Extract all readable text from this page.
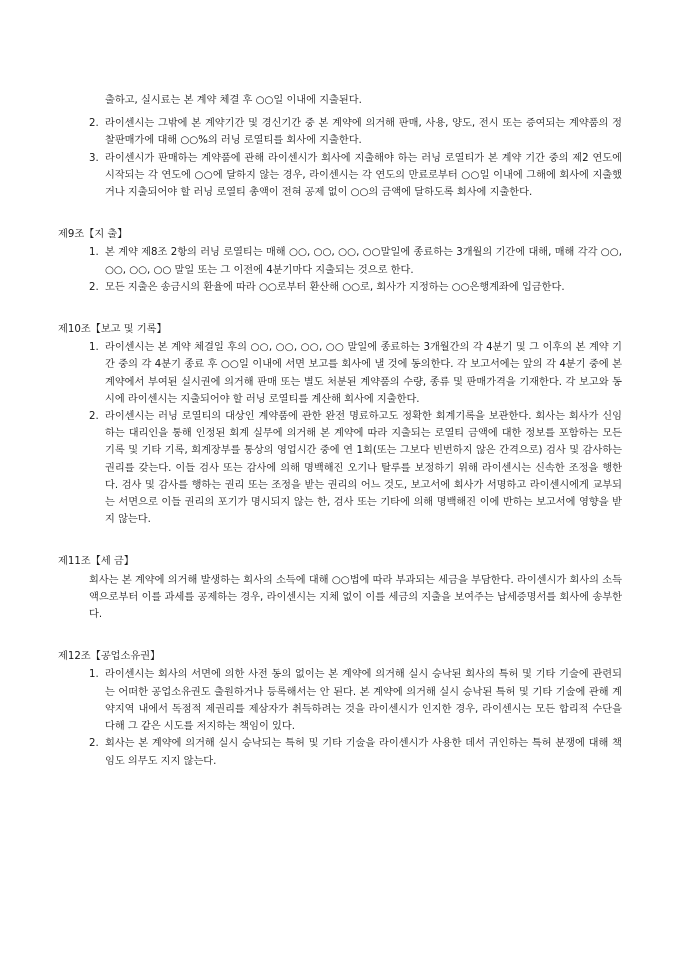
출하고, 실시료는 본 계약 체결 후 ○○일 이내에 지출된다.

2. 라이센시는 그밖에 본 계약기간 및 경신기간 중 본 계약에 의거해 판매, 사용, 양도, 전시 또는 증여되는 계약품의 정찰판매가에 대해 ○○%의 러닝 로열티를 회사에 지출한다.
3. 라이센시가 판매하는 계약품에 관해 라이센시가 회사에 지출해야 하는 러닝 로열티가 본 계약 기간 중의 제2 연도에 시작되는 각 연도에 ○○에 달하지 않는 경우, 라이센시는 각 연도의 만료로부터 ○○일 이내에 그해에 회사에 지출했거나 지출되어야 할 러닝 로열티 총액이 전혀 공제 없이 ○○의 금액에 달하도록 회사에 지출한다.
제9조【지 출】
1. 본 계약 제8조 2항의 러닝 로열티는 매해 ○○, ○○, ○○, ○○말일에 종료하는 3개월의 기간에 대해, 매해 각각 ○○, ○○, ○○, ○○ 말일 또는 그 이전에 4분기마다 지출되는 것으로 한다.
2. 모든 지출은 송금시의 환율에 따라 ○○로부터 환산해 ○○로, 회사가 지정하는 ○○은행계좌에 입금한다.
제10조【보고 및 기록】
1. 라이센시는 본 계약 체결일 후의 ○○, ○○, ○○, ○○ 말일에 종료하는 3개월간의 각 4분기 및 그 이후의 본 계약 기간 중의 각 4분기 종료 후 ○○일 이내에 서면 보고를 회사에 낼 것에 동의한다. 각 보고서에는 앞의 각 4분기 중에 본 계약에서 부여된 실시권에 의거해 판매 또는 별도 처분된 계약품의 수량, 종류 및 판매가격을 기재한다. 각 보고와 동시에 라이센시는 지출되어야 할 러닝 로열티를 계산해 회사에 지출한다.
2. 라이센시는 러닝 로열티의 대상인 계약품에 관한 완전 명료하고도 정확한 회계기록을 보관한다. 회사는 회사가 신임하는 대리인을 통해 인정된 회계 실무에 의거해 본 계약에 따라 지출되는 로열티 금액에 대한 정보를 포함하는 모든 기록 및 기타 기록, 회계장부를 통상의 영업시간 중에 연 1회(또는 그보다 빈번하지 않은 간격으로) 검사 및 감사하는 권리를 갖는다. 이들 검사 또는 감사에 의해 명백해진 오기나 탈루를 보정하기 위해 라이센시는 신속한 조정을 행한다. 검사 및 감사를 행하는 권리 또는 조정을 받는 권리의 어느 것도, 보고서에 회사가 서명하고 라이센시에게 교부되는 서면으로 이들 권리의 포기가 명시되지 않는 한, 검사 또는 기타에 의해 명백해진 이에 반하는 보고서에 영향을 받지 않는다.
제11조【세 금】

회사는 본 계약에 의거해 발생하는 회사의 소득에 대해 ○○법에 따라 부과되는 세금을 부담한다. 라이센시가 회사의 소득액으로부터 이를 과세를 공제하는 경우, 라이센시는 지체 없이 이를 세금의 지출을 보여주는 납세증명서를 회사에 송부한다.

제12조【공업소유권】
1. 라이센시는 회사의 서면에 의한 사전 동의 없이는 본 계약에 의거해 실시 승낙된 회사의 특허 및 기타 기술에 관련되는 어떠한 공업소유권도 출원하거나 등록해서는 안 된다. 본 계약에 의거해 실시 승낙된 특허 및 기타 기술에 관해 계약지역 내에서 독점적 제권리를 제삼자가 취득하려는 것을 라이센시가 인지한 경우, 라이센시는 모든 합리적 수단을 다해 그 같은 시도를 저지하는 책임이 있다.
2. 회사는 본 계약에 의거해 실시 승낙되는 특허 및 기타 기술을 라이센시가 사용한 데서 귀인하는 특허 분쟁에 대해 책임도 의무도 지지 않는다.
